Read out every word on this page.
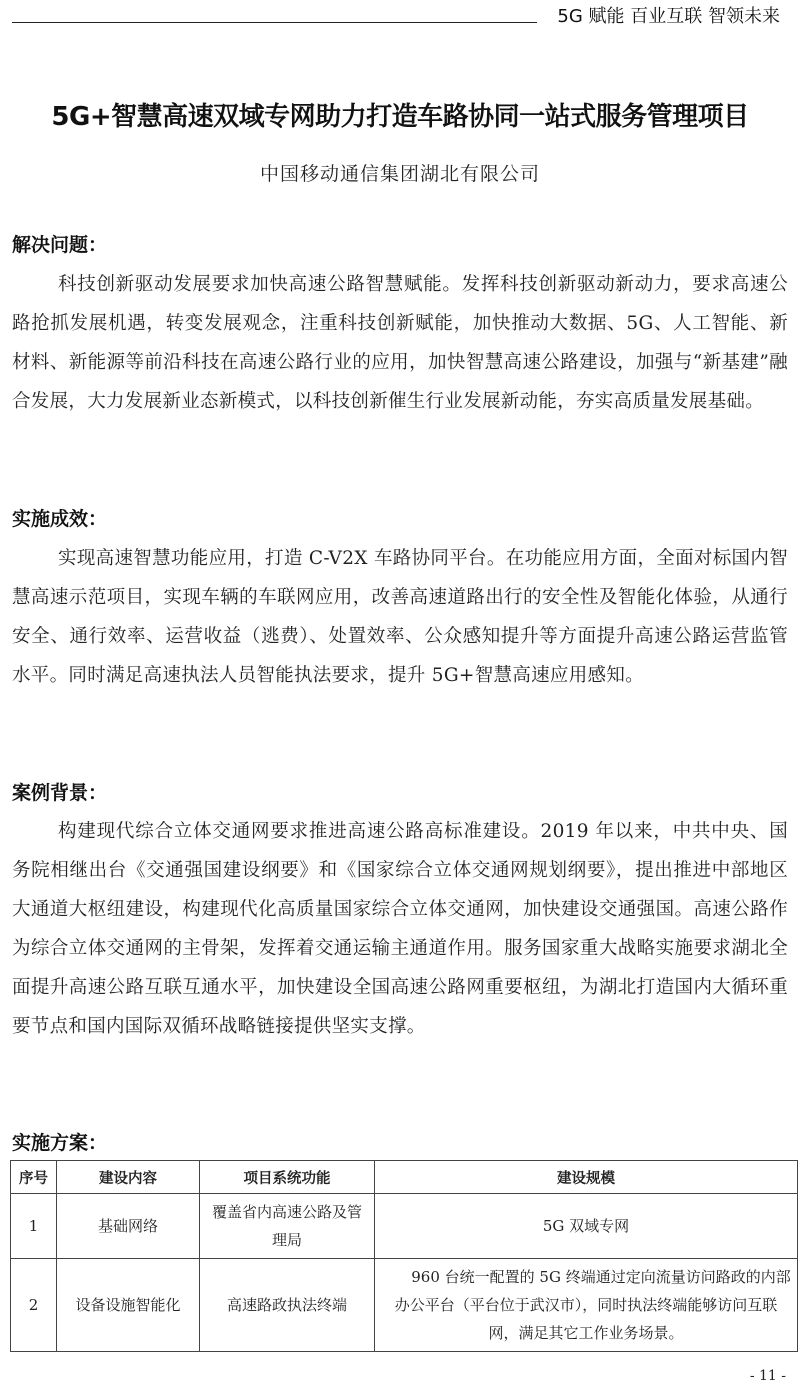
5G 赋能 百业互联 智领未来
5G+智慧高速双域专网助力打造车路协同一站式服务管理项目
中国移动通信集团湖北有限公司
解决问题：
科技创新驱动发展要求加快高速公路智慧赋能。发挥科技创新驱动新动力，要求高速公路抢抓发展机遇，转变发展观念，注重科技创新赋能，加快推动大数据、5G、人工智能、新材料、新能源等前沿科技在高速公路行业的应用，加快智慧高速公路建设，加强与“新基建”融合发展，大力发展新业态新模式，以科技创新催生行业发展新动能，夯实高质量发展基础。
实施成效：
实现高速智慧功能应用，打造 C-V2X 车路协同平台。在功能应用方面，全面对标国内智慧高速示范项目，实现车辆的车联网应用，改善高速道路出行的安全性及智能化体验，从通行安全、通行效率、运营收益（逃费）、处置效率、公众感知提升等方面提升高速公路运营监管水平。同时满足高速执法人员智能执法要求，提升 5G+智慧高速应用感知。
案例背景：
构建现代综合立体交通网要求推进高速公路高标准建设。2019 年以来，中共中央、国务院相继出台《交通强国建设纲要》和《国家综合立体交通网规划纲要》，提出推进中部地区大通道大枢纽建设，构建现代化高质量国家综合立体交通网，加快建设交通强国。高速公路作为综合立体交通网的主骨架，发挥着交通运输主通道作用。服务国家重大战略实施要求湖北全面提升高速公路互联互通水平，加快建设全国高速公路网重要枢纽，为湖北打造国内大循环重要节点和国内国际双循环战略链接提供坚实支撑。
实施方案：
序号	建设内容	项目系统功能	建设规模
1	基础网络	覆盖省内高速公路及管理局	5G 双域专网
2	设备设施智能化	高速路政执法终端	960 台统一配置的 5G 终端通过定向流量访问路政的内部办公平台（平台位于武汉市），同时执法终端能够访问互联网，满足其它工作业务场景。
- 11 -
